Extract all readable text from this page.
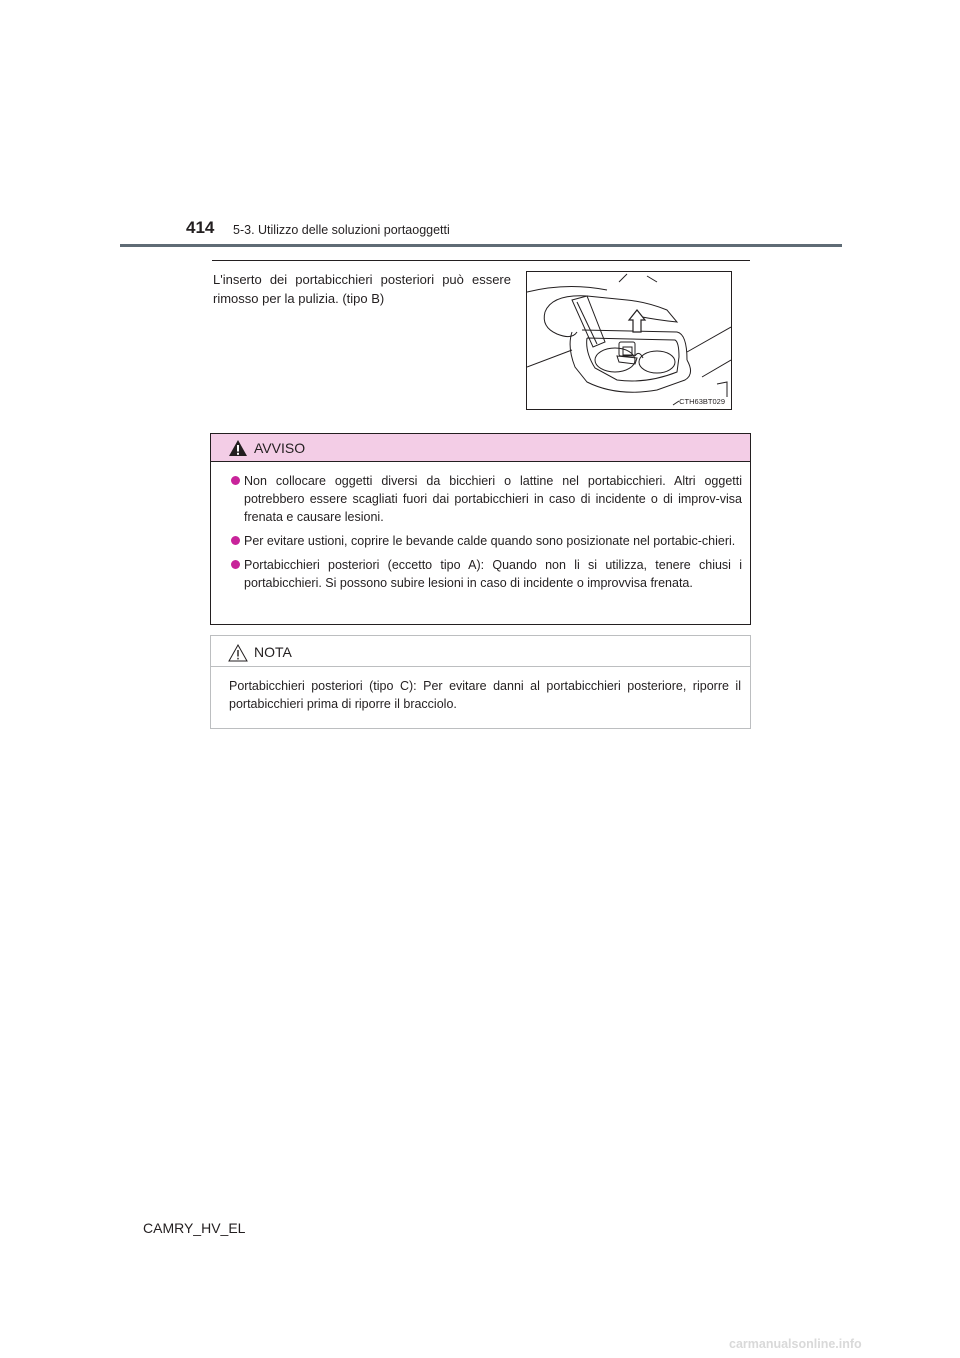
414 5-3. Utilizzo delle soluzioni portaoggetti
L'inserto dei portabicchieri posteriori può essere rimosso per la pulizia. (tipo B)
CTH63BT029
AVVISO
Non collocare oggetti diversi da bicchieri o lattine nel portabicchieri. Altri oggetti potrebbero essere scagliati fuori dai portabicchieri in caso di incidente o di improv-visa frenata e causare lesioni.
Per evitare ustioni, coprire le bevande calde quando sono posizionate nel portabic-chieri.
Portabicchieri posteriori (eccetto tipo A): Quando non li si utilizza, tenere chiusi i portabicchieri. Si possono subire lesioni in caso di incidente o improvvisa frenata.
NOTA
Portabicchieri posteriori (tipo C): Per evitare danni al portabicchieri posteriore, riporre il portabicchieri prima di riporre il bracciolo.
CAMRY_HV_EL
carmanualsonline.info
